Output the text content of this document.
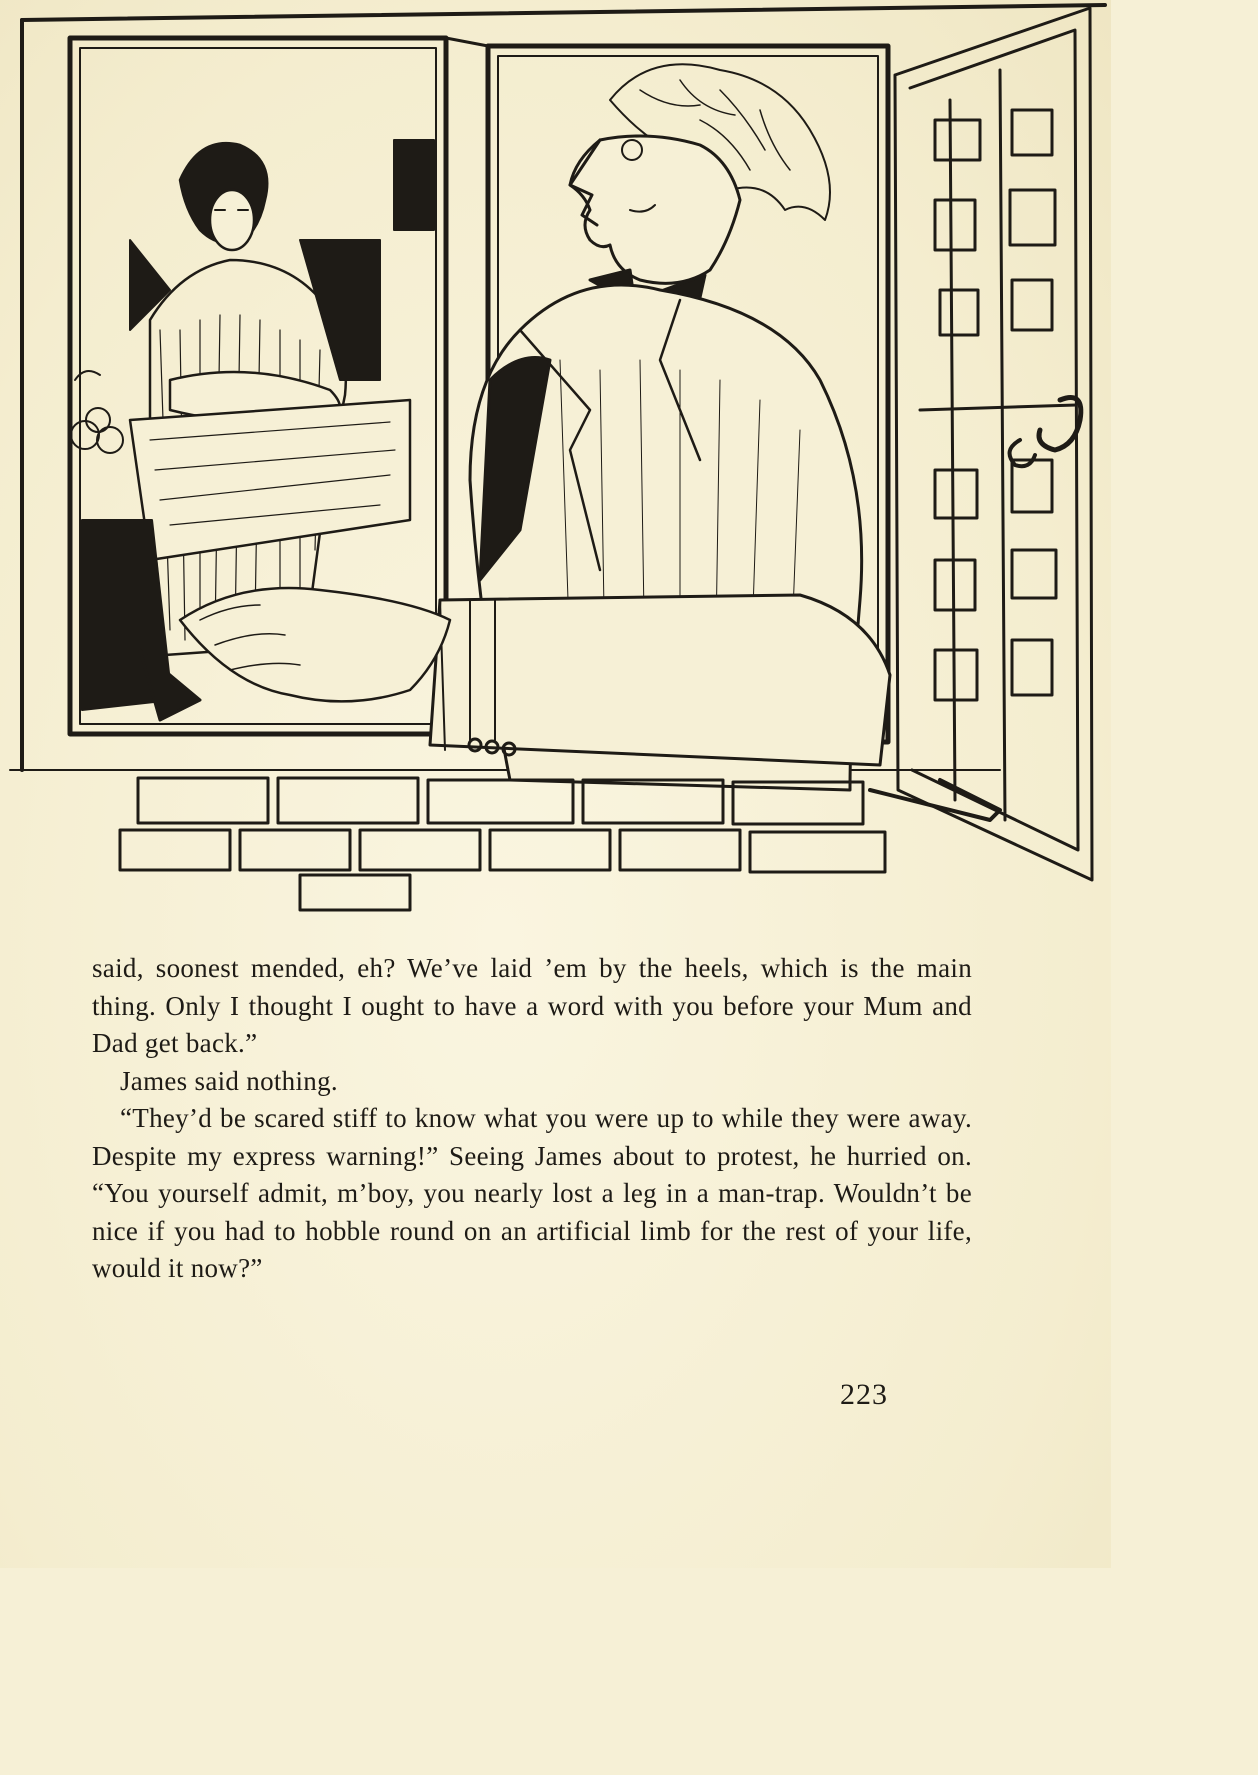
said, soonest mended, eh? We’ve laid ’em by the heels, which is the main thing. Only I thought I ought to have a word with you before your Mum and Dad get back.”

James said nothing.

“They’d be scared stiff to know what you were up to while they were away. Despite my express warning!” Seeing James about to protest, he hurried on. “You yourself admit, m’boy, you nearly lost a leg in a man-trap. Wouldn’t be nice if you had to hobble round on an artificial limb for the rest of your life, would it now?”

223
